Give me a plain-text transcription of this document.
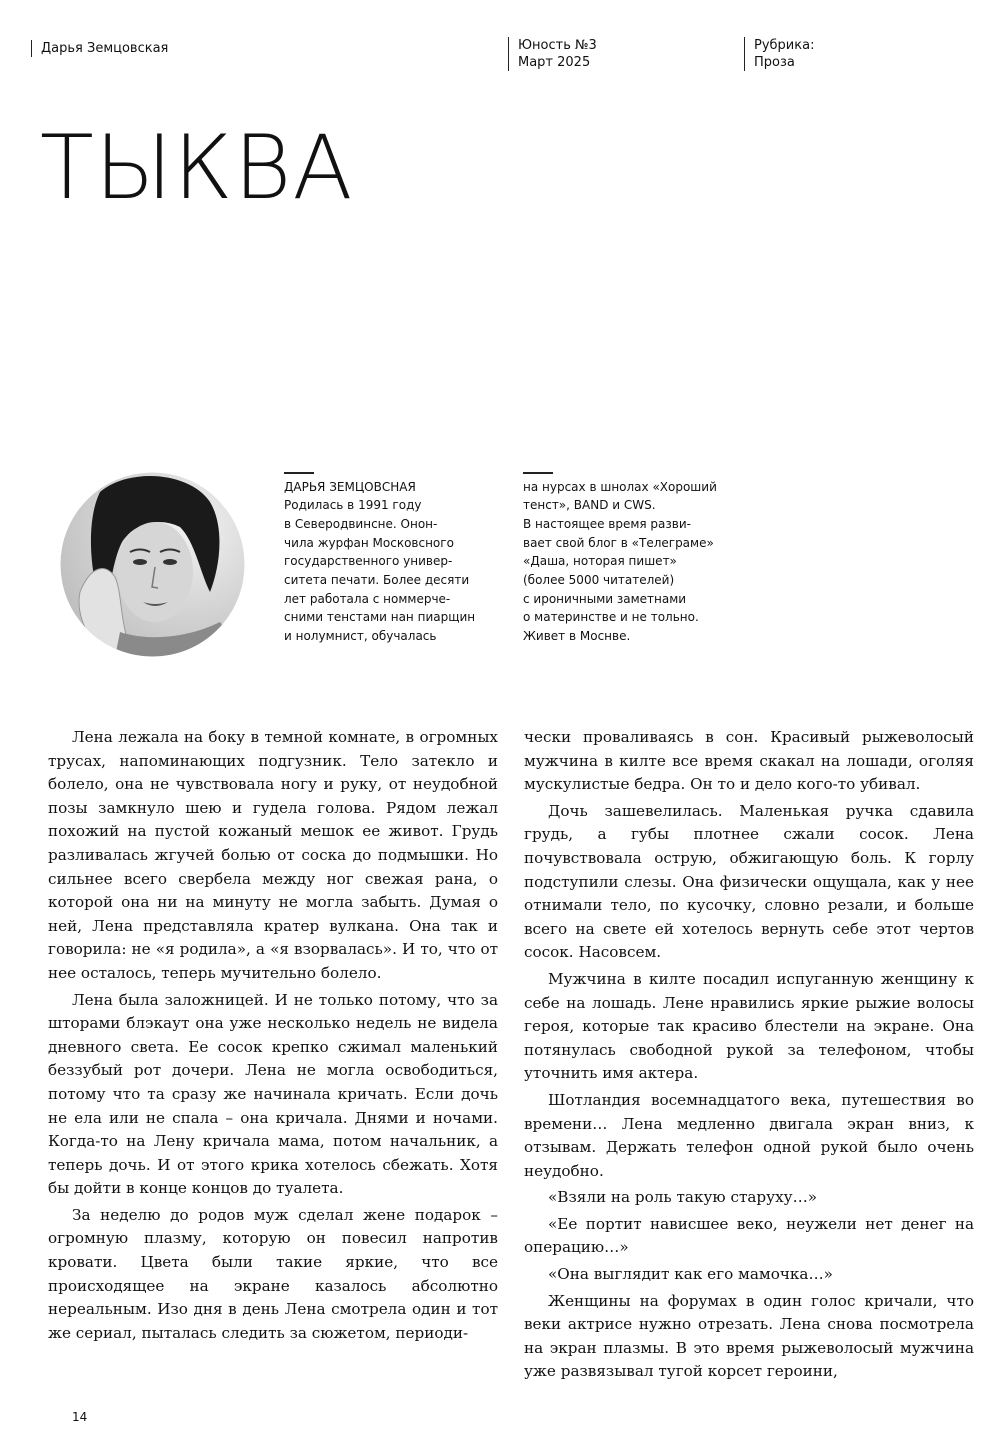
Дарья Земцовская	Юность №3
Март 2025
Рубрика:
Проза
ТЫКВА
ДАРЬЯ ЗЕМЦОВСНАЯ
Родилась в 1991 году
в Северодвинсне. Онон-
чила журфан Московсного
государственного универ-
ситета печати. Более десяти
лет работала с номмерче-
сними тенстами нан пиарщин
и нолумнист, обучалась
на нурсах в шнолах «Хороший
тенст», BAND и CWS.
В настоящее время разви-
вает свой блог в «Телеграме»
«Даша, ноторая пишет»
(более 5000 читателей)
с ироничными заметнами
о материнстве и не тольно.
Живет в Моснве.

Лена лежала на боку в темной комнате, в огромных трусах, напоминающих подгузник. Тело затекло и болело, она не чувствовала ногу и руку, от неудобной позы замкнуло шею и гудела голова. Рядом лежал похожий на пустой кожаный мешок ее живот. Грудь разливалась жгучей болью от соска до подмышки. Но сильнее всего свербела между ног свежая рана, о которой она ни на минуту не могла забыть. Думая о ней, Лена представляла кратер вулкана. Она так и говорила: не «я родила», а «я взорвалась». И то, что от нее осталось, теперь мучительно болело.

Лена была заложницей. И не только потому, что за шторами блэкаут она уже несколько недель не видела дневного света. Ее сосок крепко сжимал маленький беззубый рот дочери. Лена не могла освободиться, потому что та сразу же начинала кричать. Если дочь не ела или не спала – она кричала. Днями и ночами. Когда-то на Лену кричала мама, потом начальник, а теперь дочь. И от этого крика хотелось сбежать. Хотя бы дойти в конце концов до туалета.

За неделю до родов муж сделал жене подарок – огромную плазму, которую он повесил напротив кровати. Цвета были такие яркие, что все происходящее на экране казалось абсолютно нереальным. Изо дня в день Лена смотрела один и тот же сериал, пыталась следить за сюжетом, периоди-

чески проваливаясь в сон. Красивый рыжеволосый мужчина в килте все время скакал на лошади, оголяя мускулистые бедра. Он то и дело кого-то убивал.

Дочь зашевелилась. Маленькая ручка сдавила грудь, а губы плотнее сжали сосок. Лена почувствовала острую, обжигающую боль. К горлу подступили слезы. Она физически ощущала, как у нее отнимали тело, по кусочку, словно резали, и больше всего на свете ей хотелось вернуть себе этот чертов сосок. Насовсем.

Мужчина в килте посадил испуганную женщину к себе на лошадь. Лене нравились яркие рыжие волосы героя, которые так красиво блестели на экране. Она потянулась свободной рукой за телефоном, чтобы уточнить имя актера.

Шотландия восемнадцатого века, путешествия во времени… Лена медленно двигала экран вниз, к отзывам. Держать телефон одной рукой было очень неудобно.

«Взяли на роль такую старуху…»

«Ее портит нависшее веко, неужели нет денег на операцию…»

«Она выглядит как его мамочка…»

Женщины на форумах в один голос кричали, что веки актрисе нужно отрезать. Лена снова посмотрела на экран плазмы. В это время рыжеволосый мужчина уже развязывал тугой корсет героини,

14
